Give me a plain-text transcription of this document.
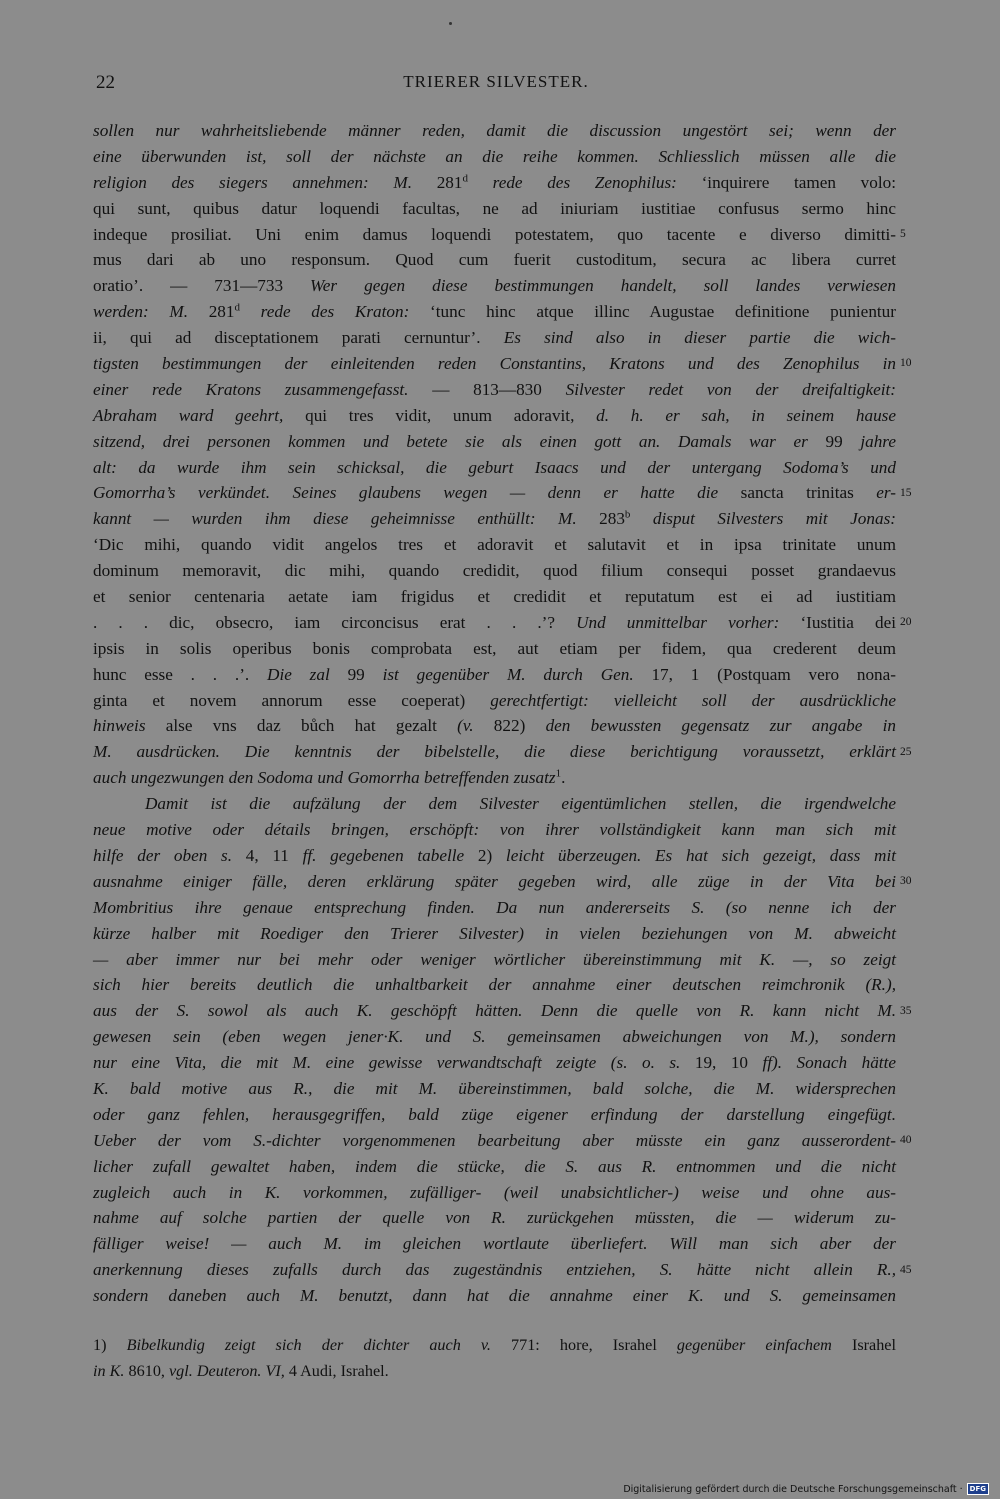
22	TRIERER SILVESTER.
sollen nur wahrheitsliebende männer reden, damit die discussion ungestört sei; wenn der
eine überwunden ist, soll der nächste an die reihe kommen. Schliesslich müssen alle die
religion des siegers annehmen: M. 281$^d$ rede des Zenophilus: ‘inquirere tamen volo:
qui sunt, quibus datur loquendi facultas, ne ad iniuriam iustitiae confusus sermo hinc
indeque prosiliat. Uni enim damus loquendi potestatem, quo tacente e diverso dimitti-
mus dari ab uno responsum. Quod cum fuerit custoditum, secura ac libera curret
oratio’. — 731—733 Wer gegen diese bestimmungen handelt, soll landes verwiesen
werden: M. 281$^d$ rede des Kraton: ‘tunc hinc atque illinc Augustae definitione punientur
ii, qui ad disceptationem parati cernuntur’. Es sind also in dieser partie die wich-
tigsten bestimmungen der einleitenden reden Constantins, Kratons und des Zenophilus in
einer rede Kratons zusammengefasst. — 813—830 Silvester redet von der dreifaltigkeit:
Abraham ward geehrt, qui tres vidit, unum adoravit, d. h. er sah, in seinem hause
sitzend, drei personen kommen und betete sie als einen gott an. Damals war er 99 jahre
alt: da wurde ihm sein schicksal, die geburt Isaacs und der untergang Sodoma’s und
Gomorrha’s verkündet. Seines glaubens wegen — denn er hatte die sancta trinitas er-
kannt — wurden ihm diese geheimnisse enthüllt: M. 283$^b$ disput Silvesters mit Jonas:
‘Dic mihi, quando vidit angelos tres et adoravit et salutavit et in ipsa trinitate unum
dominum memoravit, dic mihi, quando credidit, quod filium consequi posset grandaevus
et senior centenaria aetate iam frigidus et credidit et reputatum est ei ad iustitiam
. . . dic, obsecro, iam circoncisus erat . . .’? Und unmittelbar vorher: ‘Iustitia dei
ipsis in solis operibus bonis comprobata est, aut etiam per fidem, qua crederent deum
hunc esse . . .’. Die zal 99 ist gegenüber M. durch Gen. 17, 1 (Postquam vero nona-
ginta et novem annorum esse coeperat) gerechtfertigt: vielleicht soll der ausdrückliche
hinweis alse vns daz bůch hat gezalt (v. 822) den bewussten gegensatz zur angabe in
M. ausdrücken. Die kenntnis der bibelstelle, die diese berichtigung voraussetzt, erklärt
auch ungezwungen den Sodoma und Gomorrha betreffenden zusatz$^1$.
Damit ist die aufzälung der dem Silvester eigentümlichen stellen, die irgendwelche
neue motive oder détails bringen, erschöpft: von ihrer vollständigkeit kann man sich mit
hilfe der oben s. 4, 11 ff. gegebenen tabelle 2) leicht überzeugen. Es hat sich gezeigt, dass mit
ausnahme einiger fälle, deren erklärung später gegeben wird, alle züge in der Vita bei
Mombritius ihre genaue entsprechung finden. Da nun andererseits S. (so nenne ich der
kürze halber mit Roediger den Trierer Silvester) in vielen beziehungen von M. abweicht
— aber immer nur bei mehr oder weniger wörtlicher übereinstimmung mit K. —, so zeigt
sich hier bereits deutlich die unhaltbarkeit der annahme einer deutschen reimchronik (R.),
aus der S. sowol als auch K. geschöpft hätten. Denn die quelle von R. kann nicht M.
gewesen sein (eben wegen jener·K. und S. gemeinsamen abweichungen von M.), sondern
nur eine Vita, die mit M. eine gewisse verwandtschaft zeigte (s. o. s. 19, 10 ff). Sonach hätte
K. bald motive aus R., die mit M. übereinstimmen, bald solche, die M. widersprechen
oder ganz fehlen, herausgegriffen, bald züge eigener erfindung der darstellung eingefügt.
Ueber der vom S.-dichter vorgenommenen bearbeitung aber müsste ein ganz ausserordent-
licher zufall gewaltet haben, indem die stücke, die S. aus R. entnommen und die nicht
zugleich auch in K. vorkommen, zufälliger- (weil unabsichtlicher-) weise und ohne aus-
nahme auf solche partien der quelle von R. zurückgehen müssten, die — widerum zu-
fälliger weise! — auch M. im gleichen wortlaute überliefert. Will man sich aber der
anerkennung dieses zufalls durch das zugeständnis entziehen, S. hätte nicht allein R.,
sondern daneben auch M. benutzt, dann hat die annahme einer K. und S. gemeinsamen
5
10
15
20
25
30
35
40
45
1) Bibelkundig zeigt sich der dichter auch v. 771: hore, Israhel gegenüber einfachem Israhel
in K. 8610, vgl. Deuteron. VI, 4 Audi, Israhel.
Digitalisierung gefördert durch die Deutsche Forschungsgemeinschaft ·	DFG
